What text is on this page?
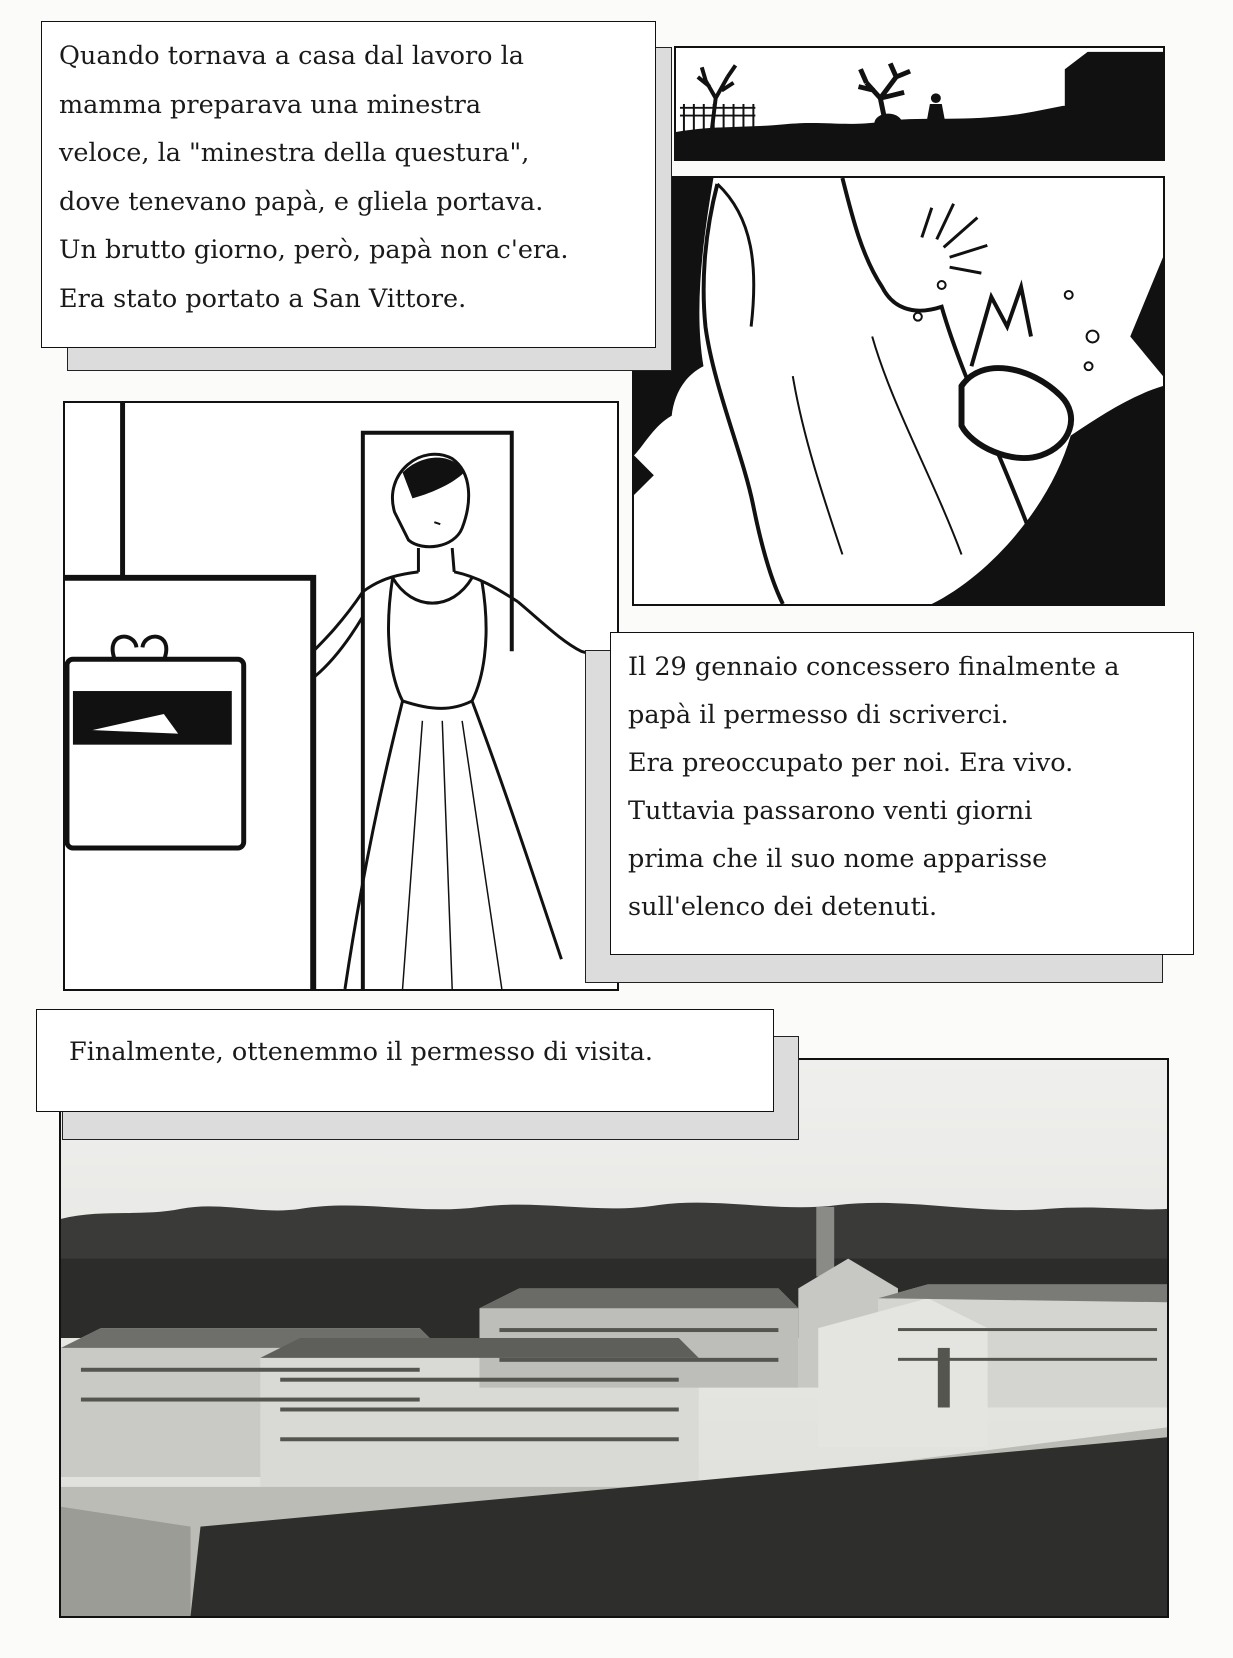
Quando tornava a casa dal lavoro la
mamma preparava una minestra
veloce, la "minestra della questura",
dove tenevano papà, e gliela portava.
Un brutto giorno, però, papà non c'era.
Era stato portato a San Vittore.
Il 29 gennaio concessero finalmente a
papà il permesso di scriverci.
Era preoccupato per noi. Era vivo.
Tuttavia passarono venti giorni
prima che il suo nome apparisse
sull'elenco dei detenuti.
Finalmente, ottenemmo il permesso di visita.
